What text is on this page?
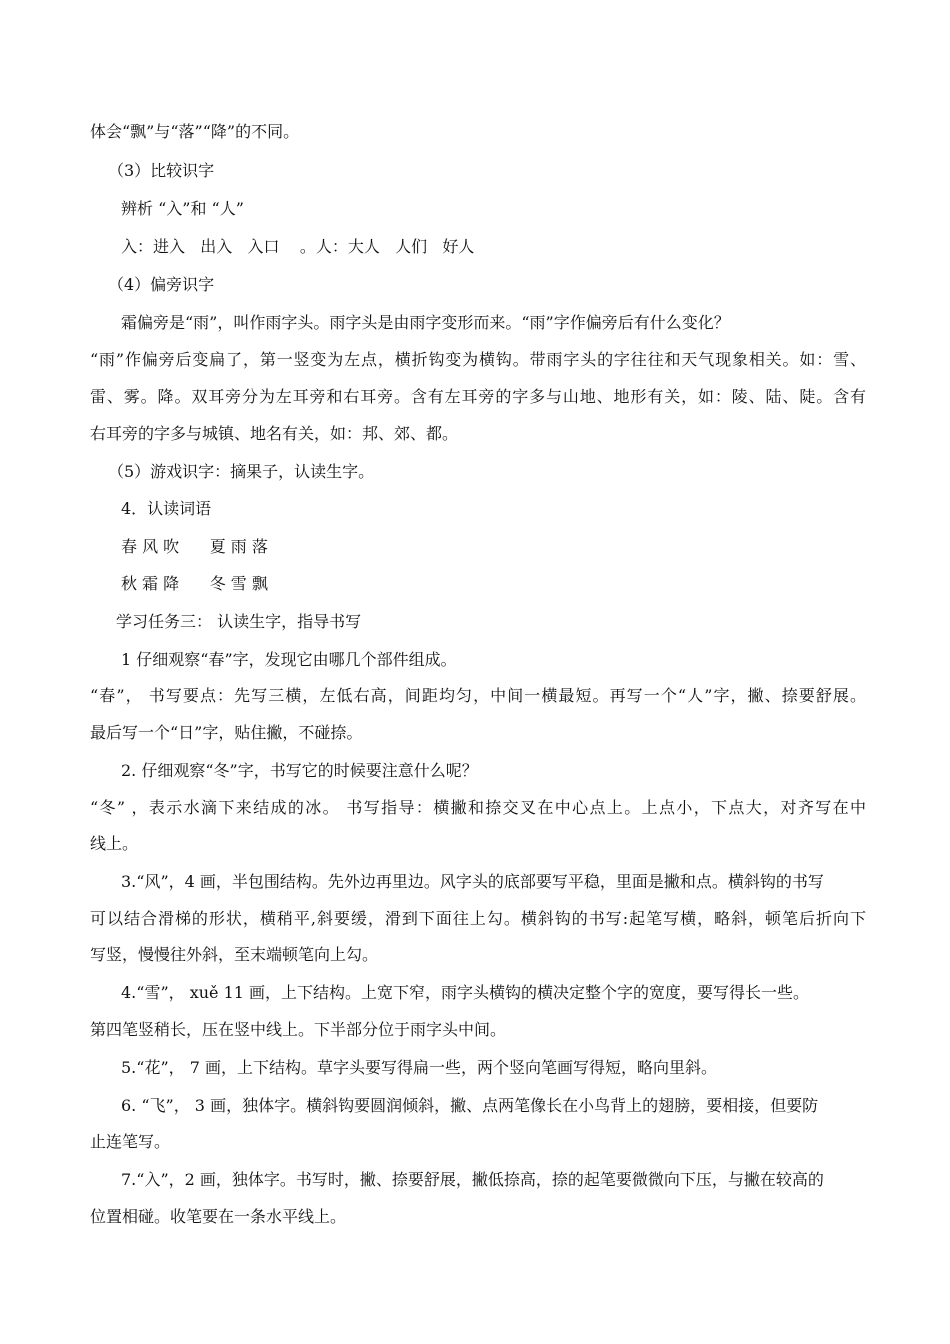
体会“飘”与“落”“降”的不同。
（3）比较识字
辨析 “入”和 “人”
入：进入   出入   入口    。人：大人   人们   好人
（4）偏旁识字
霜偏旁是“雨”，叫作雨字头。雨字头是由雨字变形而来。“雨”字作偏旁后有什么变化？
“雨”作偏旁后变扁了，第一竖变为左点，横折钩变为横钩。带雨字头的字往往和天气现象相关。如：雪、
雷、雾。降。双耳旁分为左耳旁和右耳旁。含有左耳旁的字多与山地、地形有关，如：陵、陆、陡。含有
右耳旁的字多与城镇、地名有关，如：邦、郊、都。
（5）游戏识字：摘果子，认读生字。
4．认读词语
春 风 吹      夏 雨 落
秋 霜 降      冬 雪 飘
学习任务三： 认读生字，指导书写
1 仔细观察“春”字，发现它由哪几个部件组成。
“春”， 书写要点：先写三横，左低右高，间距均匀，中间一横最短。再写一个“人”字，撇、捺要舒展。
最后写一个“日”字，贴住撇，不碰捺。
2. 仔细观察“冬”字，书写它的时候要注意什么呢？
“冬” ，表示水滴下来结成的冰。 书写指导：横撇和捺交叉在中心点上。上点小，下点大，对齐写在中
线上。
3.“风”，4 画，半包围结构。先外边再里边。风字头的底部要写平稳，里面是撇和点。横斜钩的书写
可以结合滑梯的形状，横稍平,斜要缓，滑到下面往上勾。横斜钩的书写:起笔写横，略斜，顿笔后折向下
写竖，慢慢往外斜，至末端顿笔向上勾。
4.“雪”， xuě 11 画，上下结构。上宽下窄，雨字头横钩的横决定整个字的宽度，要写得长一些。
第四笔竖稍长，压在竖中线上。下半部分位于雨字头中间。
5.“花”， 7 画，上下结构。草字头要写得扁一些，两个竖向笔画写得短，略向里斜。
6. “飞”， 3 画，独体字。横斜钩要圆润倾斜，撇、点两笔像长在小鸟背上的翅膀，要相接，但要防
止连笔写。
7.“入”，2 画，独体字。书写时，撇、捺要舒展，撇低捺高，捺的起笔要微微向下压，与撇在较高的
位置相碰。收笔要在一条水平线上。
